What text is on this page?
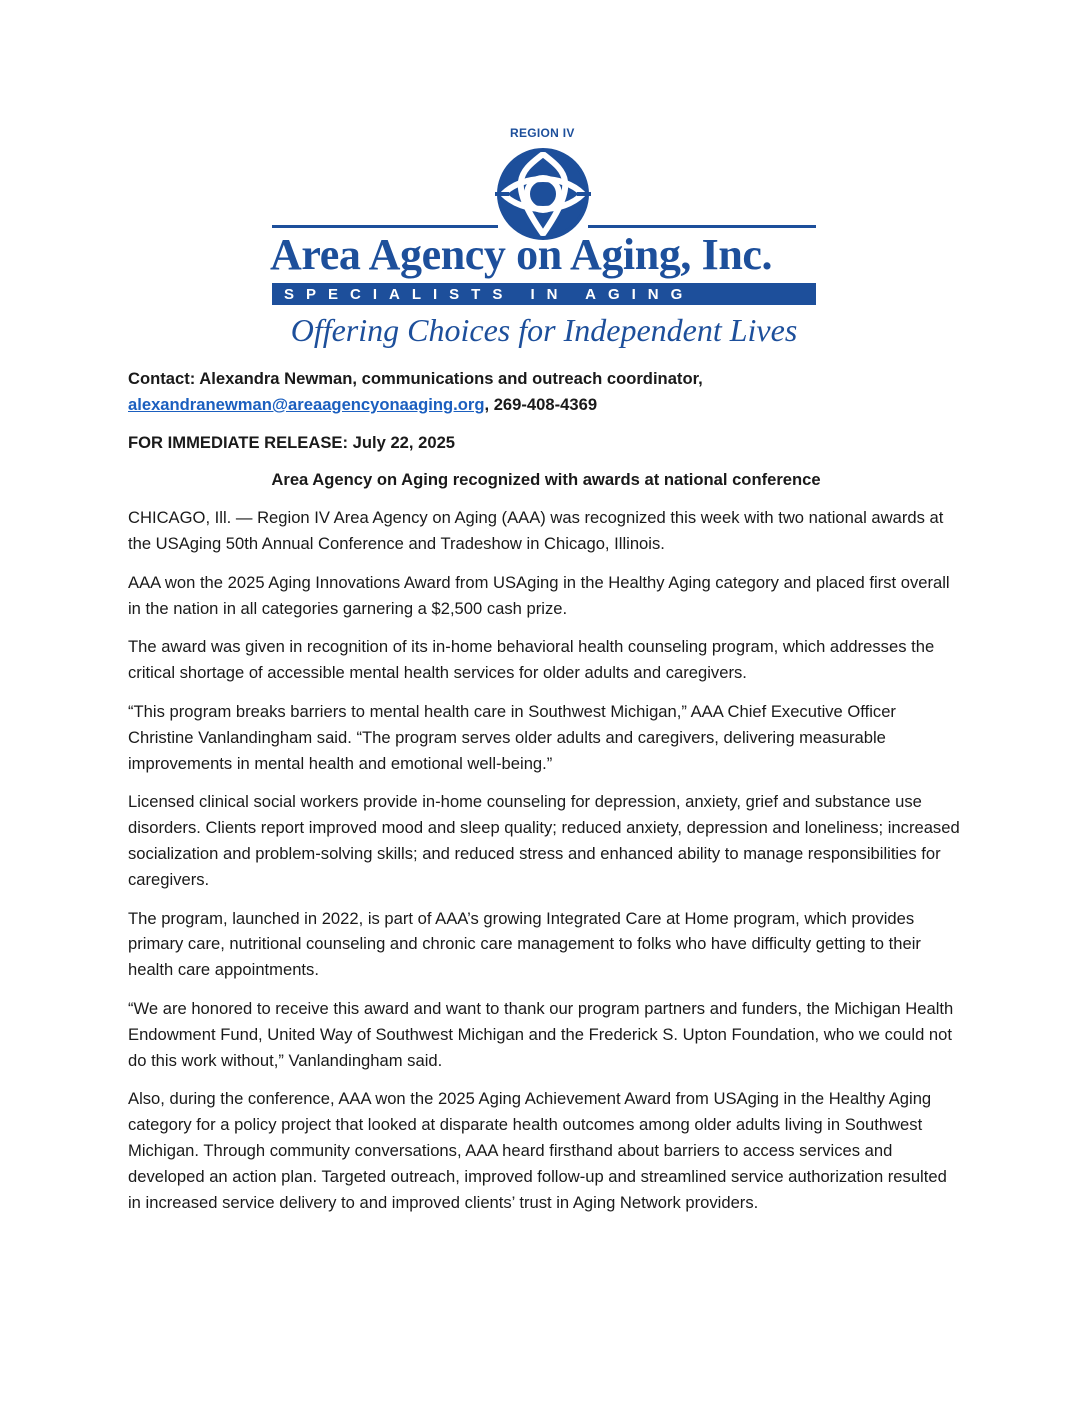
REGION IV
Area Agency on Aging, Inc.
SPECIALISTS IN AGING
Offering Choices for Independent Lives

Contact: Alexandra Newman, communications and outreach coordinator,
alexandranewman@areaagencyonaaging.org, 269-408-4369

FOR IMMEDIATE RELEASE: July 22, 2025

Area Agency on Aging recognized with awards at national conference

CHICAGO, Ill. — Region IV Area Agency on Aging (AAA) was recognized this week with two national awards at the USAging 50th Annual Conference and Tradeshow in Chicago, Illinois.

AAA won the 2025 Aging Innovations Award from USAging in the Healthy Aging category and placed first overall in the nation in all categories garnering a $2,500 cash prize.

The award was given in recognition of its in-home behavioral health counseling program, which addresses the critical shortage of accessible mental health services for older adults and caregivers.

“This program breaks barriers to mental health care in Southwest Michigan,” AAA Chief Executive Officer Christine Vanlandingham said. “The program serves older adults and caregivers, delivering measurable improvements in mental health and emotional well-being.”

Licensed clinical social workers provide in-home counseling for depression, anxiety, grief and substance use disorders. Clients report improved mood and sleep quality; reduced anxiety, depression and loneliness; increased socialization and problem-solving skills; and reduced stress and enhanced ability to manage responsibilities for caregivers.

The program, launched in 2022, is part of AAA’s growing Integrated Care at Home program, which provides primary care, nutritional counseling and chronic care management to folks who have difficulty getting to their health care appointments.

“We are honored to receive this award and want to thank our program partners and funders, the Michigan Health Endowment Fund, United Way of Southwest Michigan and the Frederick S. Upton Foundation, who we could not do this work without,” Vanlandingham said.

Also, during the conference, AAA won the 2025 Aging Achievement Award from USAging in the Healthy Aging category for a policy project that looked at disparate health outcomes among older adults living in Southwest Michigan. Through community conversations, AAA heard firsthand about barriers to access services and developed an action plan. Targeted outreach, improved follow-up and streamlined service authorization resulted in increased service delivery to and improved clients’ trust in Aging Network providers.
